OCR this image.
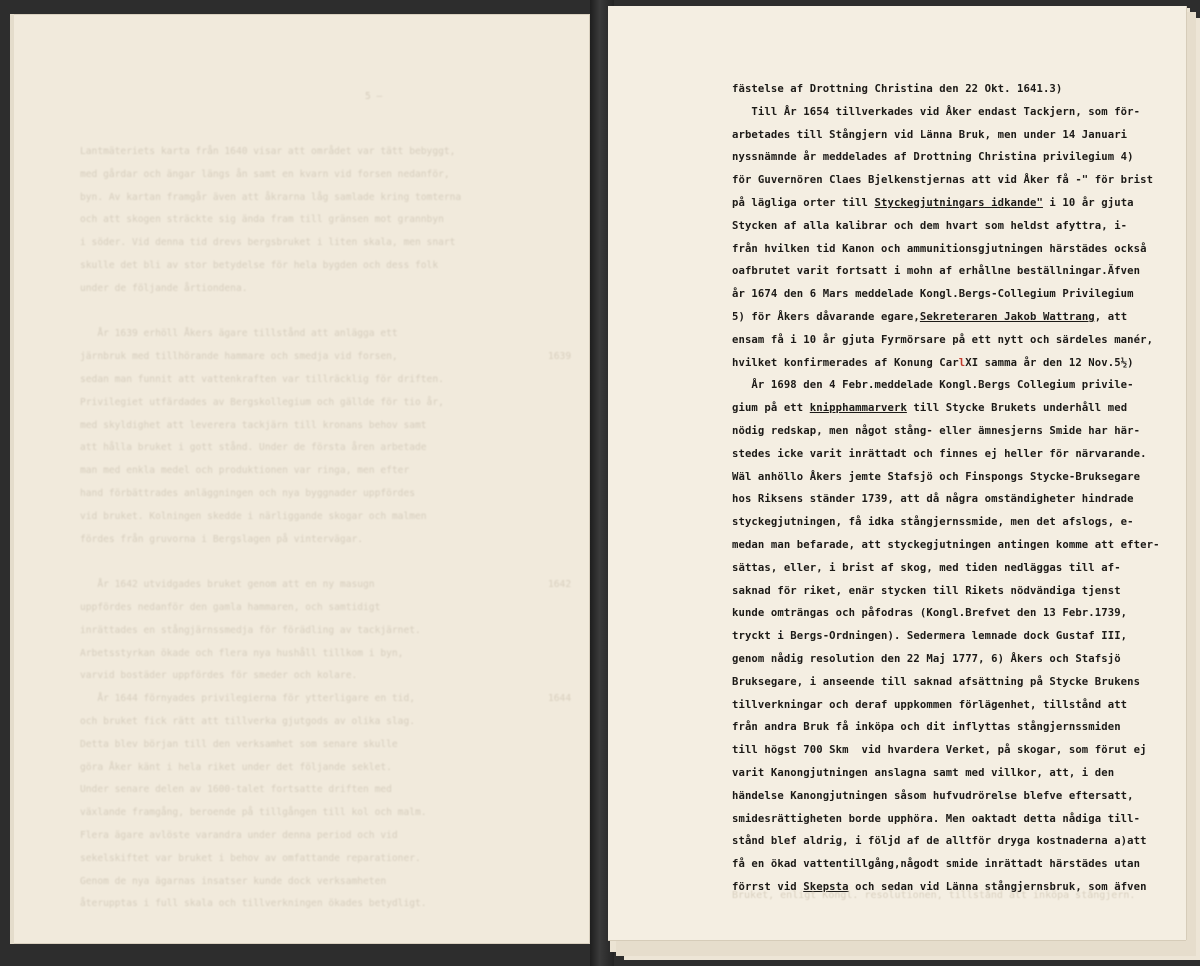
5 —

Lantmäteriets karta från 1640 visar att området var tätt bebyggt,
med gårdar och ängar längs ån samt en kvarn vid forsen nedanför,
byn. Av kartan framgår även att åkrarna låg samlade kring tomterna
och att skogen sträckte sig ända fram till gränsen mot grannbyn
i söder. Vid denna tid drevs bergsbruket i liten skala, men snart
skulle det bli av stor betydelse för hela bygden och dess folk
under de följande årtiondena.
År 1639 erhöll Åkers ägare tillstånd att anlägga ett
järnbruk med tillhörande hammare och smedja vid forsen,
sedan man funnit att vattenkraften var tillräcklig för driften.
Privilegiet utfärdades av Bergskollegium och gällde för tio år,
med skyldighet att leverera tackjärn till kronans behov samt
att hålla bruket i gott stånd. Under de första åren arbetade
man med enkla medel och produktionen var ringa, men efter
hand förbättrades anläggningen och nya byggnader uppfördes
vid bruket. Kolningen skedde i närliggande skogar och malmen
fördes från gruvorna i Bergslagen på vintervägar.
År 1642 utvidgades bruket genom att en ny masugn
uppfördes nedanför den gamla hammaren, och samtidigt
inrättades en stångjärnssmedja för förädling av tackjärnet.
Arbetsstyrkan ökade och flera nya hushåll tillkom i byn,
varvid bostäder uppfördes för smeder och kolare.
År 1644 förnyades privilegierna för ytterligare en tid,
och bruket fick rätt att tillverka gjutgods av olika slag.
Detta blev början till den verksamhet som senare skulle
göra Åker känt i hela riket under det följande seklet.
Under senare delen av 1600-talet fortsatte driften med
växlande framgång, beroende på tillgången till kol och malm.
Flera ägare avlöste varandra under denna period och vid
sekelskiftet var bruket i behov av omfattande reparationer.
Genom de nya ägarnas insatser kunde dock verksamheten
återupptas i full skala och tillverkningen ökades betydligt.
1639
1642
1644
fästelse af Drottning Christina den 22 Okt. 1641.3)
Till År 1654 tillverkades vid Åker endast Tackjern, som för-
arbetades till Stångjern vid Länna Bruk, men under 14 Januari
nyssnämnde år meddelades af Drottning Christina privilegium 4)
för Guvernören Claes Bjelkenstjernas att vid Åker få -" för brist
på lägliga orter till Styckegjutningars idkande" i 10 år gjuta
Stycken af alla kalibrar och dem hvart som heldst afyttra, i-
från hvilken tid Kanon och ammunitionsgjutningen härstädes också
oafbrutet varit fortsatt i mohn af erhållne beställningar.Äfven
år 1674 den 6 Mars meddelade Kongl.Bergs-Collegium Privilegium
5) för Åkers dåvarande egare,Sekreteraren Jakob Wattrang, att
ensam få i 10 år gjuta Fyrmörsare på ett nytt och särdeles manér,
hvilket konfirmerades af Konung CarlXI samma år den 12 Nov.5½)
År 1698 den 4 Febr.meddelade Kongl.Bergs Collegium privile-
gium på ett knipphammarverk till Stycke Brukets underhåll med
nödig redskap, men något stång- eller ämnesjerns Smide har här-
stedes icke varit inrättadt och finnes ej heller för närvarande.
Wäl anhöllo Åkers jemte Stafsjö och Finspongs Stycke-Bruksegare
hos Riksens ständer 1739, att då några omständigheter hindrade
styckegjutningen, få idka stångjernssmide, men det afslogs, e-
medan man befarade, att styckegjutningen antingen komme att efter-
sättas, eller, i brist af skog, med tiden nedläggas till af-
saknad för riket, enär stycken till Rikets nödvändiga tjenst
kunde omträngas och påfodras (Kongl.Brefvet den 13 Febr.1739,
tryckt i Bergs-Ordningen). Sedermera lemnade dock Gustaf III,
genom nådig resolution den 22 Maj 1777, 6) Åkers och Stafsjö
Bruksegare, i anseende till saknad afsättning på Stycke Brukens
tillverkningar och deraf uppkommen förlägenhet, tillstånd att
från andra Bruk få inköpa och dit inflyttas stångjernssmiden
till högst 700 Skm  vid hvardera Verket, på skogar, som förut ej
varit Kanongjutningen anslagna samt med villkor, att, i den
händelse Kanongjutningen såsom hufvudrörelse blefve eftersatt,
smidesrättigheten borde upphöra. Men oaktadt detta nådiga till-
stånd blef aldrig, i följd af de alltför dryga kostnaderna a)att
få en ökad vattentillgång,någodt smide inrättadt härstädes utan
förrst vid Skepsta och sedan vid Länna stångjernsbruk, som äfven
Bruket, enligt Kongl. resolutionen, tillstånd att inköpa stångjern.
